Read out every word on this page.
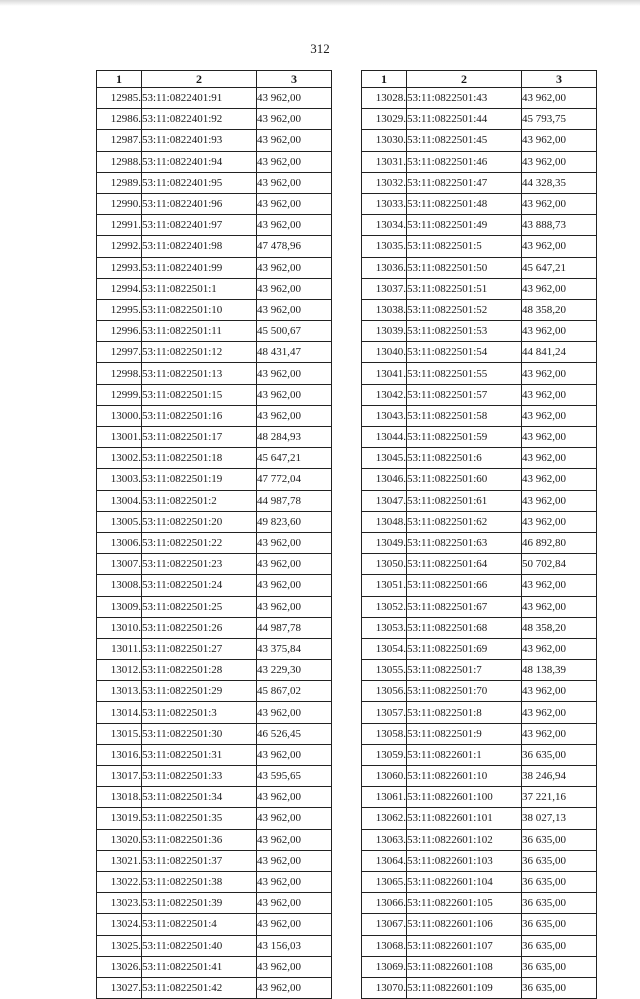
312
1	2	3
12985.	53:11:0822401:91	43 962,00
12986.	53:11:0822401:92	43 962,00
12987.	53:11:0822401:93	43 962,00
12988.	53:11:0822401:94	43 962,00
12989.	53:11:0822401:95	43 962,00
12990.	53:11:0822401:96	43 962,00
12991.	53:11:0822401:97	43 962,00
12992.	53:11:0822401:98	47 478,96
12993.	53:11:0822401:99	43 962,00
12994.	53:11:0822501:1	43 962,00
12995.	53:11:0822501:10	43 962,00
12996.	53:11:0822501:11	45 500,67
12997.	53:11:0822501:12	48 431,47
12998.	53:11:0822501:13	43 962,00
12999.	53:11:0822501:15	43 962,00
13000.	53:11:0822501:16	43 962,00
13001.	53:11:0822501:17	48 284,93
13002.	53:11:0822501:18	45 647,21
13003.	53:11:0822501:19	47 772,04
13004.	53:11:0822501:2	44 987,78
13005.	53:11:0822501:20	49 823,60
13006.	53:11:0822501:22	43 962,00
13007.	53:11:0822501:23	43 962,00
13008.	53:11:0822501:24	43 962,00
13009.	53:11:0822501:25	43 962,00
13010.	53:11:0822501:26	44 987,78
13011.	53:11:0822501:27	43 375,84
13012.	53:11:0822501:28	43 229,30
13013.	53:11:0822501:29	45 867,02
13014.	53:11:0822501:3	43 962,00
13015.	53:11:0822501:30	46 526,45
13016.	53:11:0822501:31	43 962,00
13017.	53:11:0822501:33	43 595,65
13018.	53:11:0822501:34	43 962,00
13019.	53:11:0822501:35	43 962,00
13020.	53:11:0822501:36	43 962,00
13021.	53:11:0822501:37	43 962,00
13022.	53:11:0822501:38	43 962,00
13023.	53:11:0822501:39	43 962,00
13024.	53:11:0822501:4	43 962,00
13025.	53:11:0822501:40	43 156,03
13026.	53:11:0822501:41	43 962,00
13027.	53:11:0822501:42	43 962,00
1	2	3
13028.	53:11:0822501:43	43 962,00
13029.	53:11:0822501:44	45 793,75
13030.	53:11:0822501:45	43 962,00
13031.	53:11:0822501:46	43 962,00
13032.	53:11:0822501:47	44 328,35
13033.	53:11:0822501:48	43 962,00
13034.	53:11:0822501:49	43 888,73
13035.	53:11:0822501:5	43 962,00
13036.	53:11:0822501:50	45 647,21
13037.	53:11:0822501:51	43 962,00
13038.	53:11:0822501:52	48 358,20
13039.	53:11:0822501:53	43 962,00
13040.	53:11:0822501:54	44 841,24
13041.	53:11:0822501:55	43 962,00
13042.	53:11:0822501:57	43 962,00
13043.	53:11:0822501:58	43 962,00
13044.	53:11:0822501:59	43 962,00
13045.	53:11:0822501:6	43 962,00
13046.	53:11:0822501:60	43 962,00
13047.	53:11:0822501:61	43 962,00
13048.	53:11:0822501:62	43 962,00
13049.	53:11:0822501:63	46 892,80
13050.	53:11:0822501:64	50 702,84
13051.	53:11:0822501:66	43 962,00
13052.	53:11:0822501:67	43 962,00
13053.	53:11:0822501:68	48 358,20
13054.	53:11:0822501:69	43 962,00
13055.	53:11:0822501:7	48 138,39
13056.	53:11:0822501:70	43 962,00
13057.	53:11:0822501:8	43 962,00
13058.	53:11:0822501:9	43 962,00
13059.	53:11:0822601:1	36 635,00
13060.	53:11:0822601:10	38 246,94
13061.	53:11:0822601:100	37 221,16
13062.	53:11:0822601:101	38 027,13
13063.	53:11:0822601:102	36 635,00
13064.	53:11:0822601:103	36 635,00
13065.	53:11:0822601:104	36 635,00
13066.	53:11:0822601:105	36 635,00
13067.	53:11:0822601:106	36 635,00
13068.	53:11:0822601:107	36 635,00
13069.	53:11:0822601:108	36 635,00
13070.	53:11:0822601:109	36 635,00
